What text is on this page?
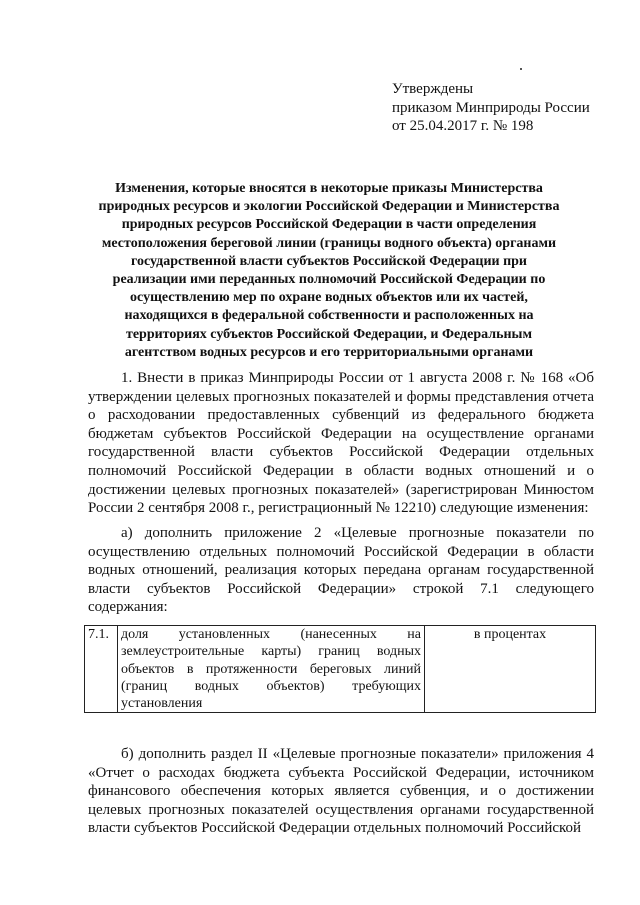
Утверждены
приказом Минприроды России
от 25.04.2017 г. № 198
Изменения, которые вносятся в некоторые приказы Министерства
природных ресурсов и экологии Российской Федерации и Министерства
природных ресурсов Российской Федерации в части определения
местоположения береговой линии (границы водного объекта) органами
государственной власти субъектов Российской Федерации при
реализации ими переданных полномочий Российской Федерации по
осуществлению мер по охране водных объектов или их частей,
находящихся в федеральной собственности и расположенных на
территориях субъектов Российской Федерации, и Федеральным
агентством водных ресурсов и его территориальными органами
1. Внести в приказ Минприроды России от 1 августа 2008 г. № 168 «Об утверждении целевых прогнозных показателей и формы представления отчета о расходовании предоставленных субвенций из федерального бюджета бюджетам субъектов Российской Федерации на осуществление органами государственной власти субъектов Российской Федерации отдельных полномочий Российской Федерации в области водных отношений и о достижении целевых прогнозных показателей» (зарегистрирован Минюстом России 2 сентября 2008 г., регистрационный № 12210) следующие изменения:
а) дополнить приложение 2 «Целевые прогнозные показатели по осуществлению отдельных полномочий Российской Федерации в области водных отношений, реализация которых передана органам государственной власти субъектов Российской Федерации» строкой 7.1 следующего содержания:
7.1.	доля установленных (нанесенных на землеустроительные карты) границ водных объектов в протяженности береговых линий (границ водных объектов) требующих установления	в процентах
б) дополнить раздел II «Целевые прогнозные показатели» приложения 4 «Отчет о расходах бюджета субъекта Российской Федерации, источником финансового обеспечения которых является субвенция, и о достижении целевых прогнозных показателей осуществления органами государственной власти субъектов Российской Федерации отдельных полномочий Российской
